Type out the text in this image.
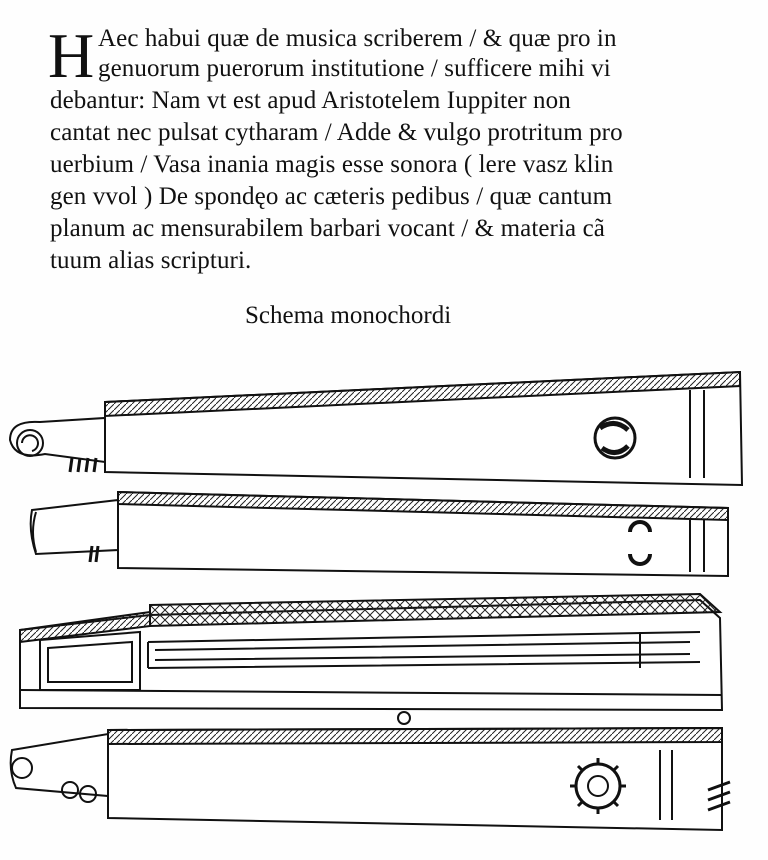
H Aec habui quæ de musica scriberem / & quæ pro in
genuorum puerorum institutione / sufficere mihi vi
debantur: Nam vt est apud Aristotelem Iuppiter non
cantat nec pulsat cytharam / Adde & vulgo protritum pro
uerbium / Vasa inania magis esse sonora ( lere vasz klin
gen vvol ) De spondęo ac cæteris pedibus / quæ cantum
planum ac mensurabilem barbari vocant / & materia cã
tuum alias scripturi.
Schema monochordi
